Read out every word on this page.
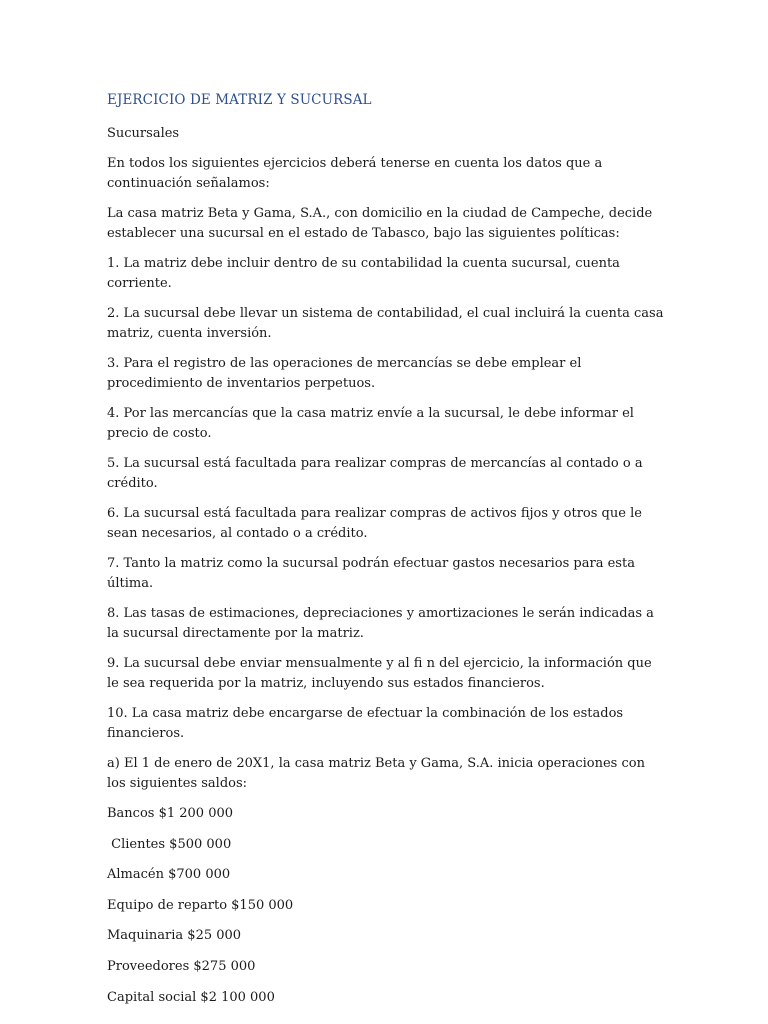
EJERCICIO DE MATRIZ Y SUCURSAL

Sucursales

En todos los siguientes ejercicios deberá tenerse en cuenta los datos que a continuación señalamos:

La casa matriz Beta y Gama, S.A., con domicilio en la ciudad de Campeche, decide establecer una sucursal en el estado de Tabasco, bajo las siguientes políticas:

1. La matriz debe incluir dentro de su contabilidad la cuenta sucursal, cuenta corriente.

2. La sucursal debe llevar un sistema de contabilidad, el cual incluirá la cuenta casa matriz, cuenta inversión.

3. Para el registro de las operaciones de mercancías se debe emplear el procedimiento de inventarios perpetuos.

4. Por las mercancías que la casa matriz envíe a la sucursal, le debe informar el precio de costo.

5. La sucursal está facultada para realizar compras de mercancías al contado o a crédito.

6. La sucursal está facultada para realizar compras de activos fijos y otros que le sean necesarios, al contado o a crédito.

7. Tanto la matriz como la sucursal podrán efectuar gastos necesarios para esta última.

8. Las tasas de estimaciones, depreciaciones y amortizaciones le serán indicadas a la sucursal directamente por la matriz.

9. La sucursal debe enviar mensualmente y al fi n del ejercicio, la información que le sea requerida por la matriz, incluyendo sus estados financieros.

10. La casa matriz debe encargarse de efectuar la combinación de los estados financieros.

a) El 1 de enero de 20X1, la casa matriz Beta y Gama, S.A. inicia operaciones con los siguientes saldos:

Bancos $1 200 000

Clientes $500 000

Almacén $700 000

Equipo de reparto $150 000

Maquinaria $25 000

Proveedores $275 000

Capital social $2 100 000
